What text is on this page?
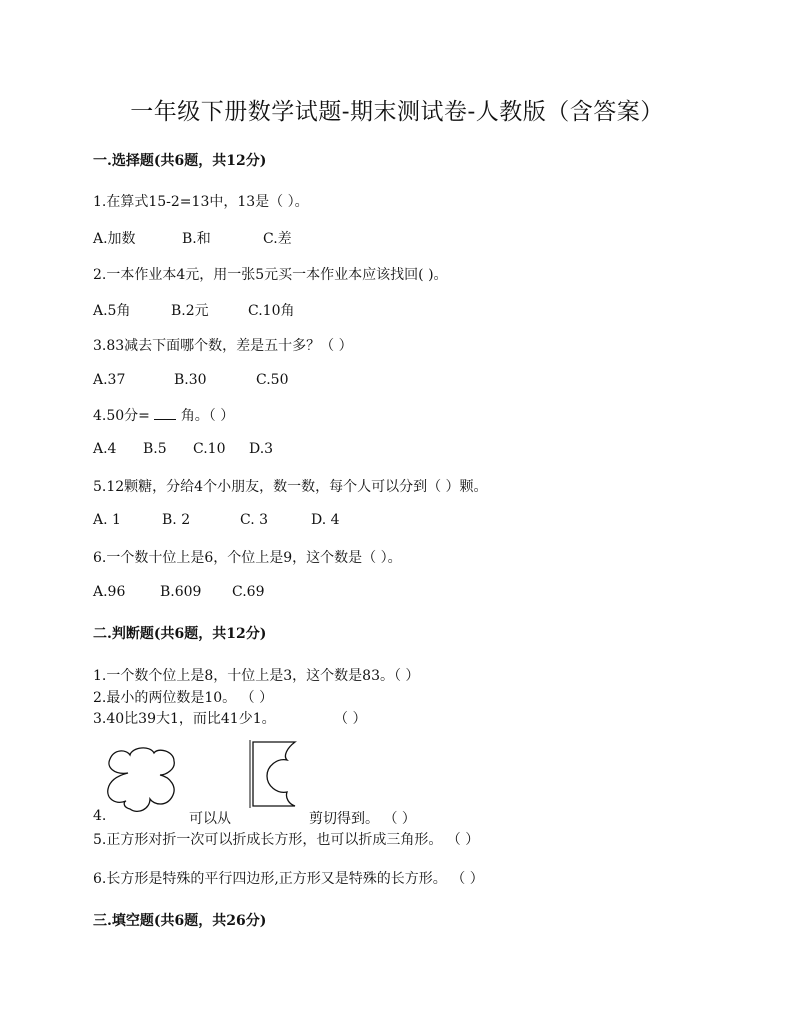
一年级下册数学试题-期末测试卷-人教版（含答案）
一.选择题(共6题，共12分)
1.在算式15-2=13中，13是（ ）。
A.加数	B.和	C.差
2.一本作业本4元，用一张5元买一本作业本应该找回( )。
A.5角	B.2元	C.10角
3.83减去下面哪个数，差是五十多？（ ）
A.37	B.30	C.50
4.50分= 角。（ ）
A.4 B.5 C.10 D.3
5.12颗糖，分给4个小朋友，数一数，每个人可以分到（ ）颗。
A. 1	B. 2	C. 3	D. 4
6.一个数十位上是6，个位上是9，这个数是（ ）。
A.96 B.609 C.69
二.判断题(共6题，共12分)
1.一个数个位上是8，十位上是3，这个数是83。（ ）
2.最小的两位数是10。 （ ）
3.40比39大1，而比41少1。	（ ）
4.	可以从	剪切得到。 （ ）
5.正方形对折一次可以折成长方形，也可以折成三角形。 （ ）
6.长方形是特殊的平行四边形,正方形又是特殊的长方形。 （ ）
三.填空题(共6题，共26分)
